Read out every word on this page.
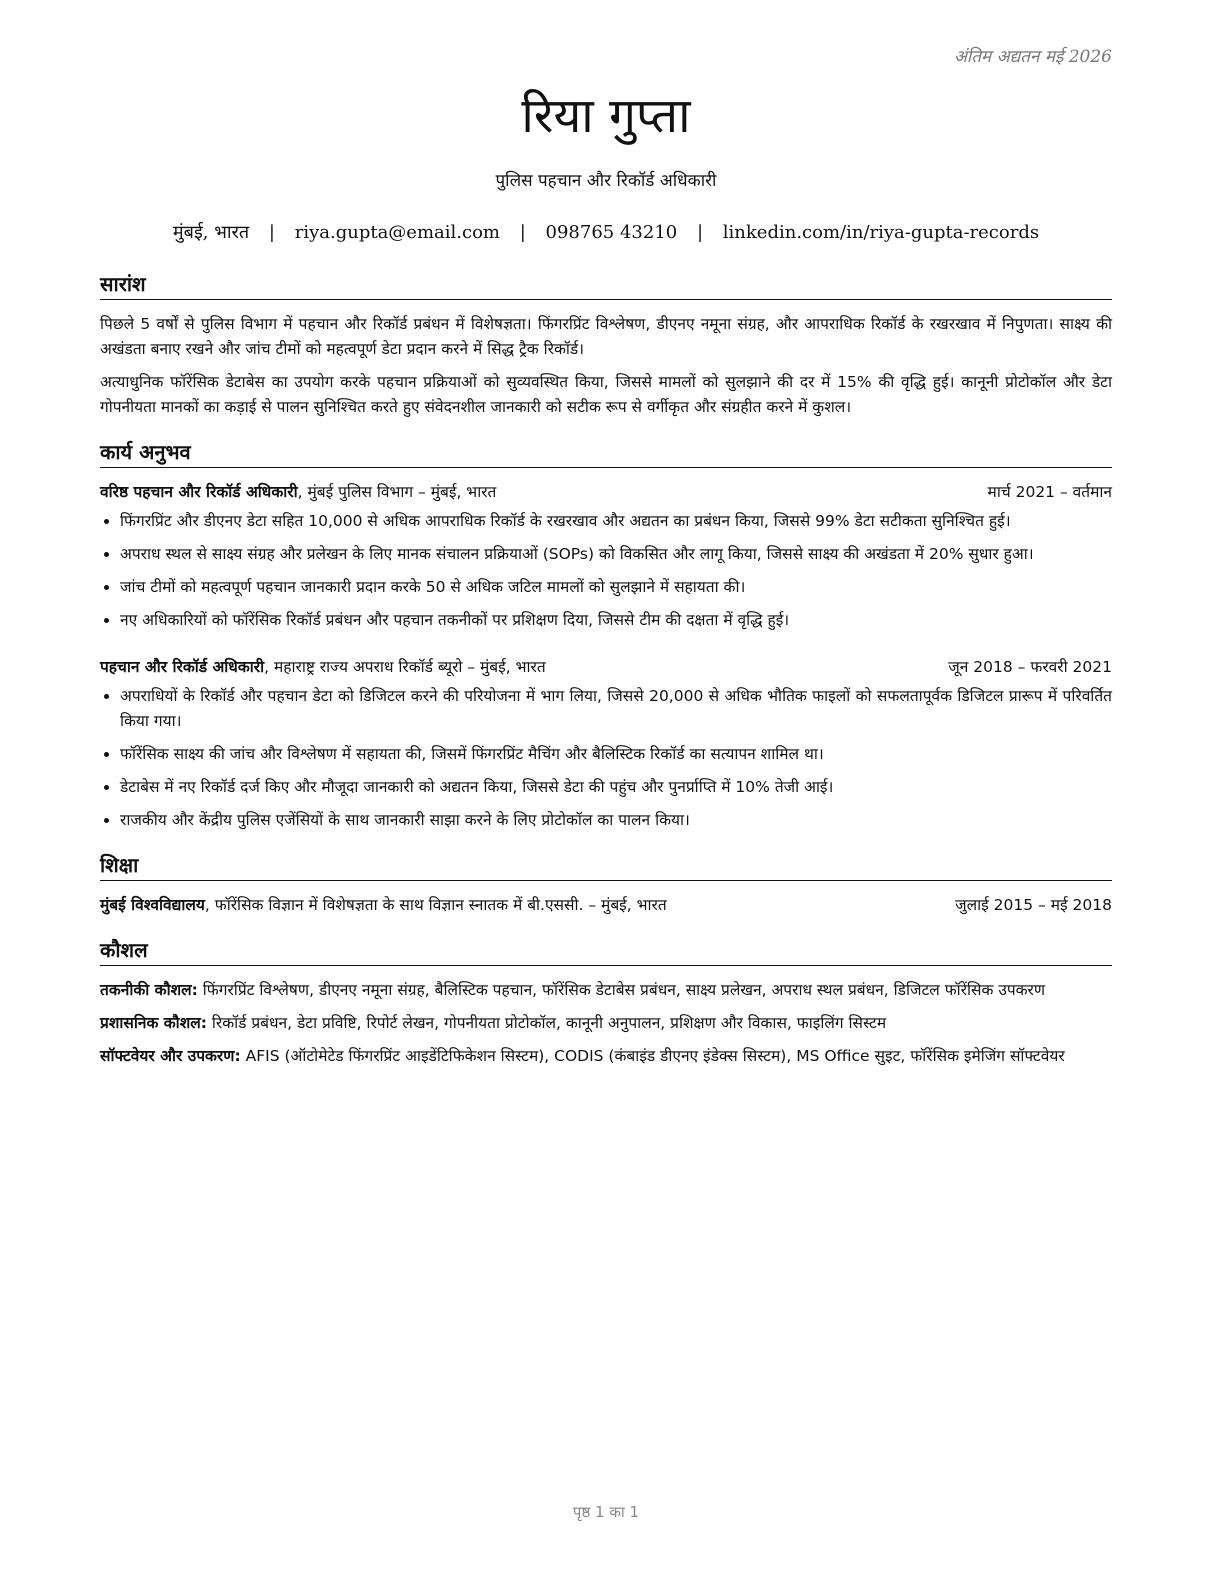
अंतिम अद्यतन मई 2026
रिया गुप्ता
पुलिस पहचान और रिकॉर्ड अधिकारी
मुंबई, भारत | riya.gupta@email.com | 098765 43210 | linkedin.com/in/riya-gupta-records
सारांश

पिछले 5 वर्षों से पुलिस विभाग में पहचान और रिकॉर्ड प्रबंधन में विशेषज्ञता। फिंगरप्रिंट विश्लेषण, डीएनए नमूना संग्रह, और आपराधिक रिकॉर्ड के रखरखाव में निपुणता। साक्ष्य की अखंडता बनाए रखने और जांच टीमों को महत्वपूर्ण डेटा प्रदान करने में सिद्ध ट्रैक रिकॉर्ड।

अत्याधुनिक फॉरेंसिक डेटाबेस का उपयोग करके पहचान प्रक्रियाओं को सुव्यवस्थित किया, जिससे मामलों को सुलझाने की दर में 15% की वृद्धि हुई। कानूनी प्रोटोकॉल और डेटा गोपनीयता मानकों का कड़ाई से पालन सुनिश्चित करते हुए संवेदनशील जानकारी को सटीक रूप से वर्गीकृत और संग्रहीत करने में कुशल।

कार्य अनुभव
वरिष्ठ पहचान और रिकॉर्ड अधिकारी, मुंबई पुलिस विभाग – मुंबई, भारत	मार्च 2021 – वर्तमान
• फिंगरप्रिंट और डीएनए डेटा सहित 10,000 से अधिक आपराधिक रिकॉर्ड के रखरखाव और अद्यतन का प्रबंधन किया, जिससे 99% डेटा सटीकता सुनिश्चित हुई।
• अपराध स्थल से साक्ष्य संग्रह और प्रलेखन के लिए मानक संचालन प्रक्रियाओं (SOPs) को विकसित और लागू किया, जिससे साक्ष्य की अखंडता में 20% सुधार हुआ।
• जांच टीमों को महत्वपूर्ण पहचान जानकारी प्रदान करके 50 से अधिक जटिल मामलों को सुलझाने में सहायता की।
• नए अधिकारियों को फॉरेंसिक रिकॉर्ड प्रबंधन और पहचान तकनीकों पर प्रशिक्षण दिया, जिससे टीम की दक्षता में वृद्धि हुई।
पहचान और रिकॉर्ड अधिकारी, महाराष्ट्र राज्य अपराध रिकॉर्ड ब्यूरो – मुंबई, भारत	जून 2018 – फरवरी 2021
• अपराधियों के रिकॉर्ड और पहचान डेटा को डिजिटल करने की परियोजना में भाग लिया, जिससे 20,000 से अधिक भौतिक फाइलों को सफलतापूर्वक डिजिटल प्रारूप में परिवर्तित किया गया।
• फॉरेंसिक साक्ष्य की जांच और विश्लेषण में सहायता की, जिसमें फिंगरप्रिंट मैचिंग और बैलिस्टिक रिकॉर्ड का सत्यापन शामिल था।
• डेटाबेस में नए रिकॉर्ड दर्ज किए और मौजूदा जानकारी को अद्यतन किया, जिससे डेटा की पहुंच और पुनर्प्राप्ति में 10% तेजी आई।
• राजकीय और केंद्रीय पुलिस एजेंसियों के साथ जानकारी साझा करने के लिए प्रोटोकॉल का पालन किया।
शिक्षा
मुंबई विश्वविद्यालय, फॉरेंसिक विज्ञान में विशेषज्ञता के साथ विज्ञान स्नातक में बी.एससी. – मुंबई, भारत	जुलाई 2015 – मई 2018
कौशल

तकनीकी कौशल: फिंगरप्रिंट विश्लेषण, डीएनए नमूना संग्रह, बैलिस्टिक पहचान, फॉरेंसिक डेटाबेस प्रबंधन, साक्ष्य प्रलेखन, अपराध स्थल प्रबंधन, डिजिटल फॉरेंसिक उपकरण

प्रशासनिक कौशल: रिकॉर्ड प्रबंधन, डेटा प्रविष्टि, रिपोर्ट लेखन, गोपनीयता प्रोटोकॉल, कानूनी अनुपालन, प्रशिक्षण और विकास, फाइलिंग सिस्टम

सॉफ्टवेयर और उपकरण: AFIS (ऑटोमेटेड फिंगरप्रिंट आइडेंटिफिकेशन सिस्टम), CODIS (कंबाइंड डीएनए इंडेक्स सिस्टम), MS Office सुइट, फॉरेंसिक इमेजिंग सॉफ्टवेयर

पृष्ठ 1 का 1
